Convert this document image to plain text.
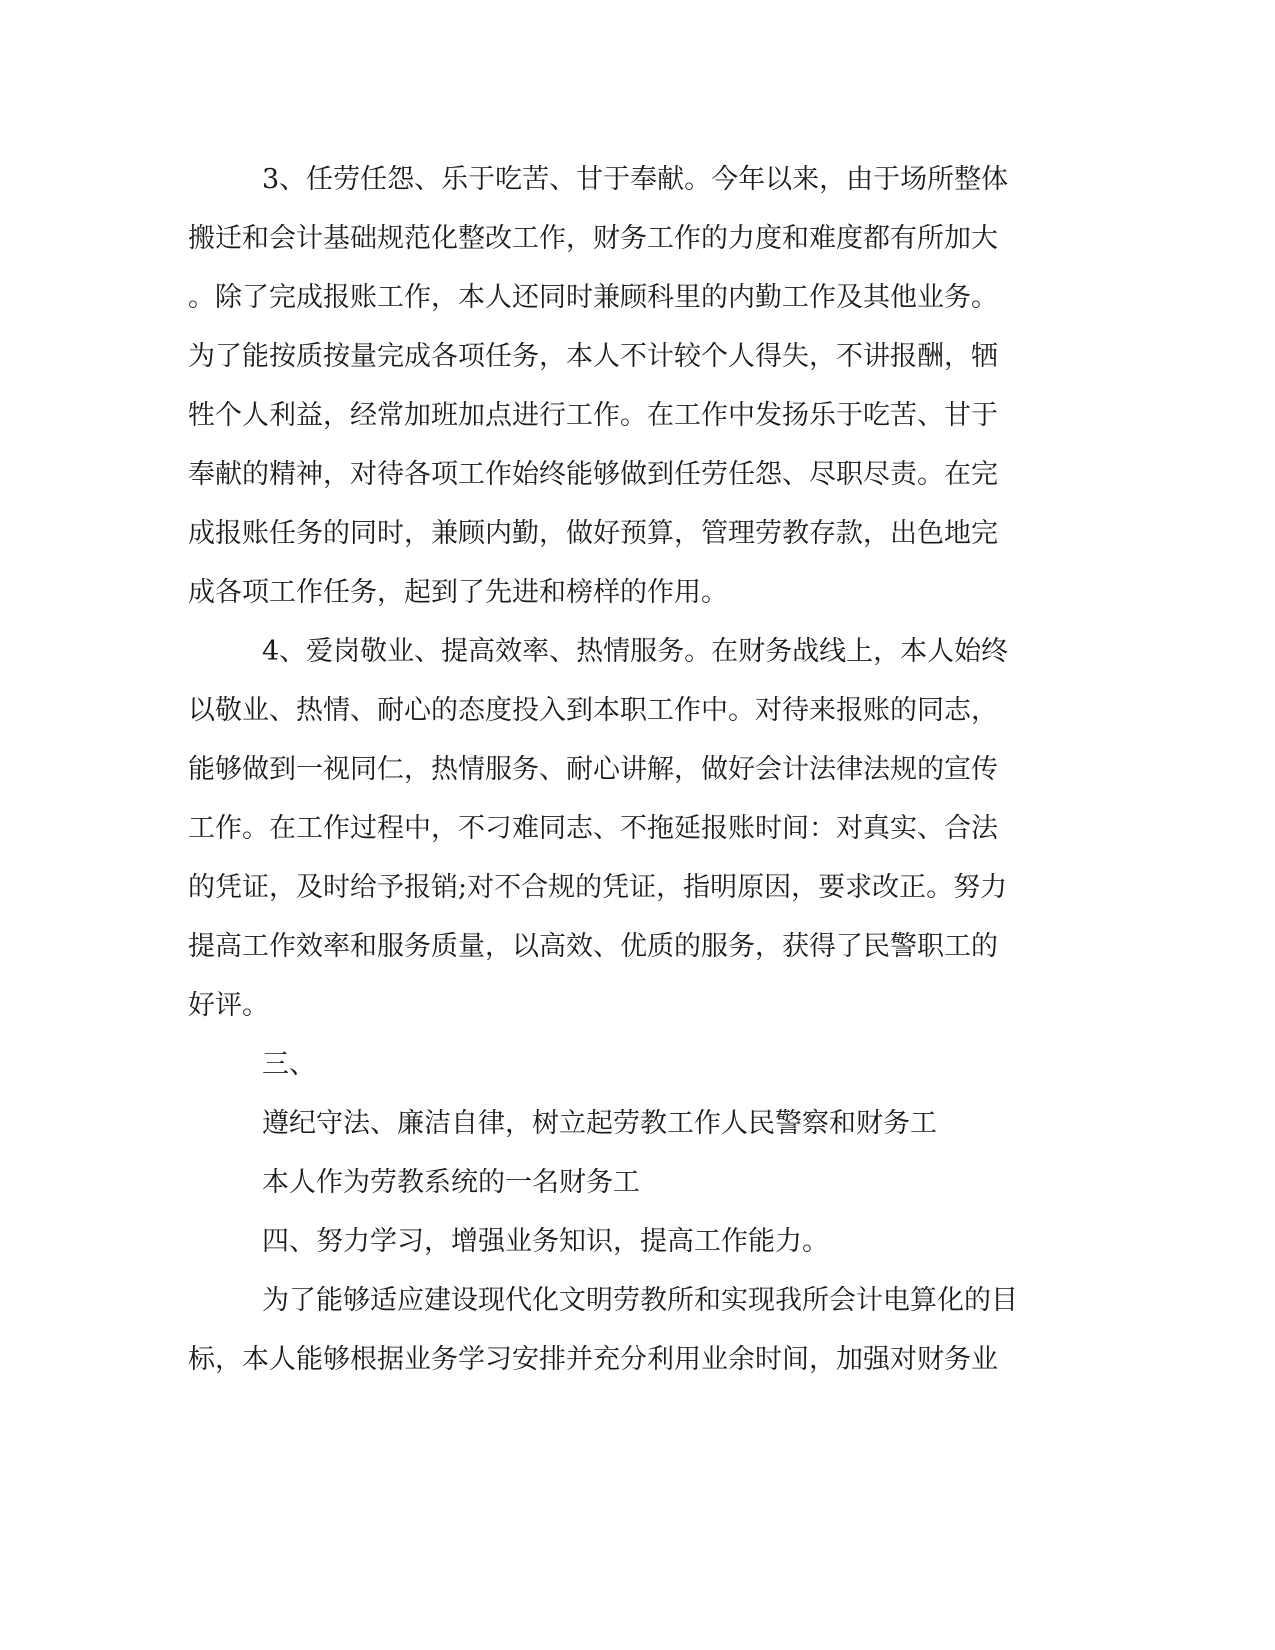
3、任劳任怨、乐于吃苦、甘于奉献。今年以来，由于场所整体
搬迁和会计基础规范化整改工作，财务工作的力度和难度都有所加大
。除了完成报账工作，本人还同时兼顾科里的内勤工作及其他业务。
为了能按质按量完成各项任务，本人不计较个人得失，不讲报酬，牺
牲个人利益，经常加班加点进行工作。在工作中发扬乐于吃苦、甘于
奉献的精神，对待各项工作始终能够做到任劳任怨、尽职尽责。在完
成报账任务的同时，兼顾内勤，做好预算，管理劳教存款，出色地完
成各项工作任务，起到了先进和榜样的作用。
4、爱岗敬业、提高效率、热情服务。在财务战线上，本人始终
以敬业、热情、耐心的态度投入到本职工作中。对待来报账的同志，
能够做到一视同仁，热情服务、耐心讲解，做好会计法律法规的宣传
工作。在工作过程中，不刁难同志、不拖延报账时间：对真实、合法
的凭证，及时给予报销;对不合规的凭证，指明原因，要求改正。努力
提高工作效率和服务质量，以高效、优质的服务，获得了民警职工的
好评。
三、
遵纪守法、廉洁自律，树立起劳教工作人民警察和财务工
本人作为劳教系统的一名财务工
四、努力学习，增强业务知识，提高工作能力。
为了能够适应建设现代化文明劳教所和实现我所会计电算化的目
标，本人能够根据业务学习安排并充分利用业余时间，加强对财务业
